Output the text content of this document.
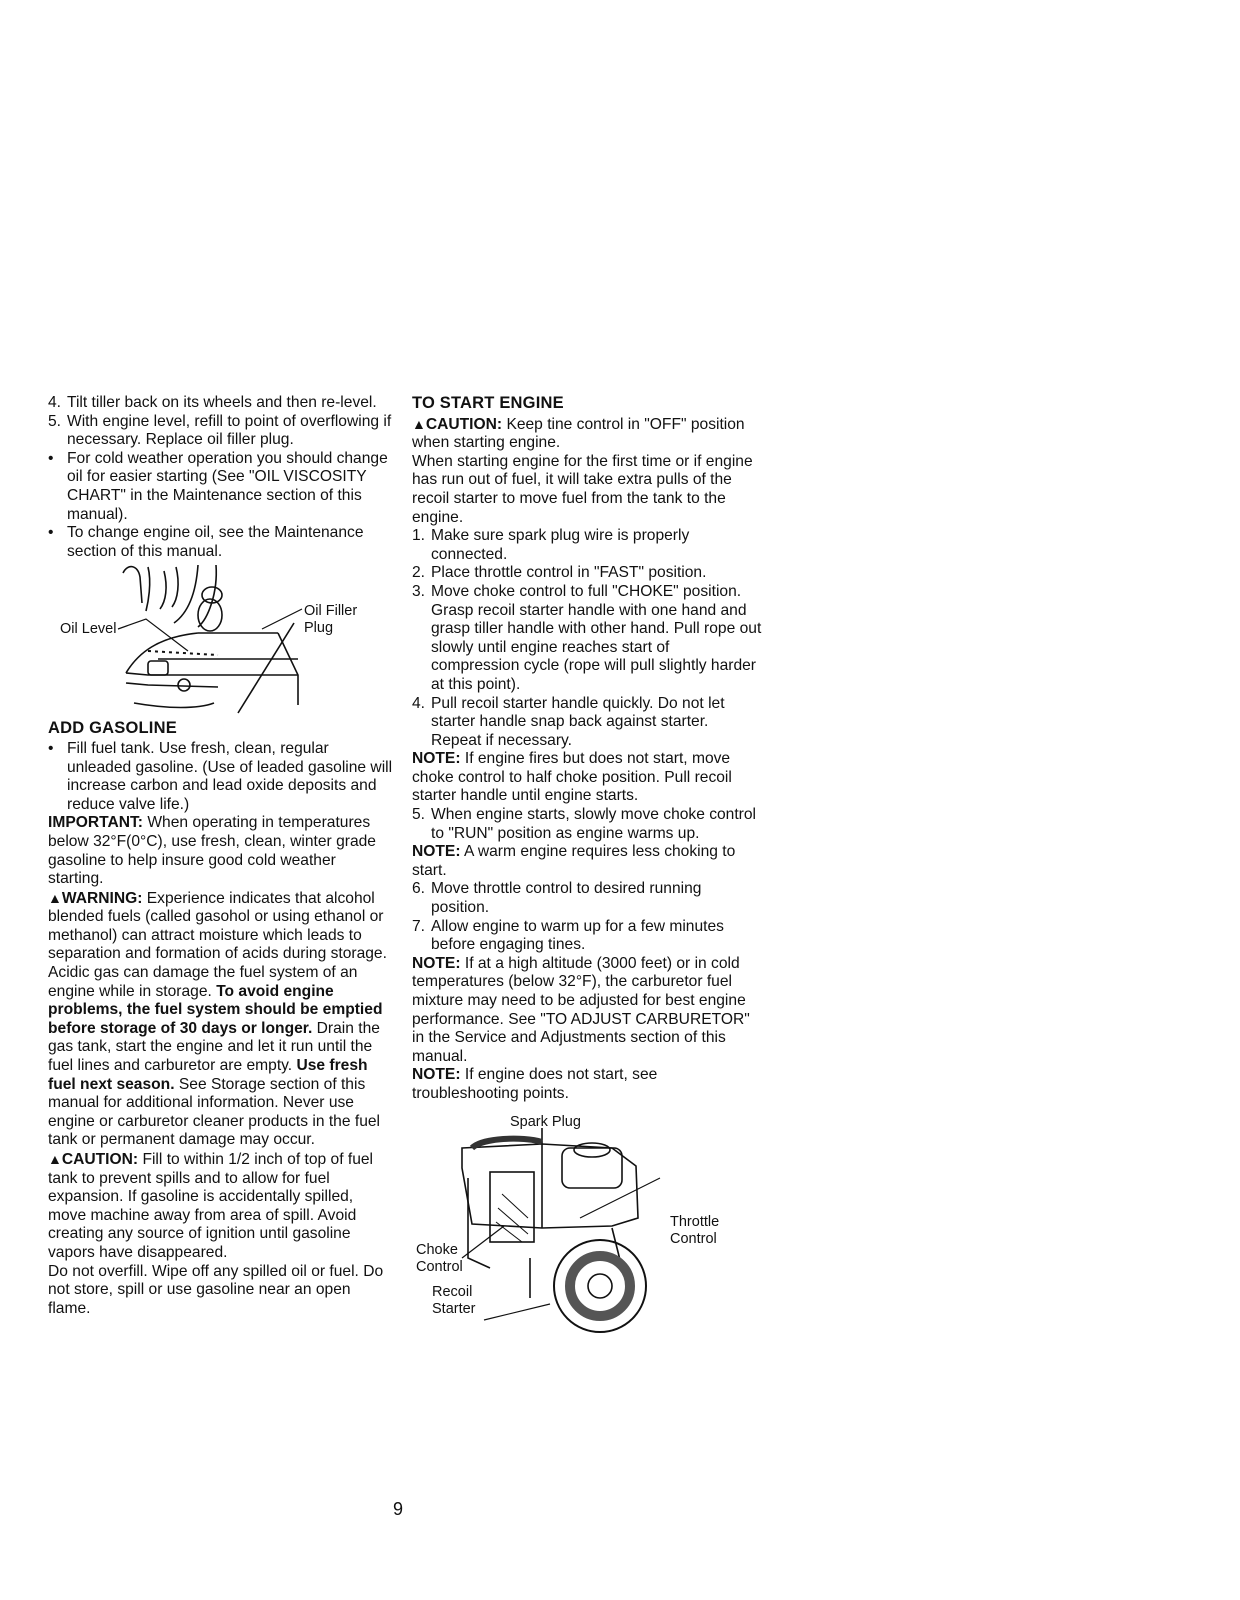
4. Tilt tiller back on its wheels and then re-level.
5. With engine level, refill to point of overflowing if necessary. Replace oil filler plug.
• For cold weather operation you should change oil for easier starting (See "OIL VISCOSITY CHART" in the Maintenance section of this manual).
• To change engine oil, see the Maintenance section of this manual.
Oil Level
Oil Filler
Plug

ADD GASOLINE

• Fill fuel tank. Use fresh, clean, regular unleaded gasoline. (Use of leaded gasoline will increase carbon and lead oxide deposits and reduce valve life.)

IMPORTANT: When operating in temperatures below 32°F(0°C), use fresh, clean, winter grade gasoline to help insure good cold weather starting.

▲WARNING: Experience indicates that alcohol blended fuels (called gasohol or using ethanol or methanol) can attract moisture which leads to separation and formation of acids during storage. Acidic gas can damage the fuel system of an engine while in storage. To avoid engine problems, the fuel system should be emptied before storage of 30 days or longer. Drain the gas tank, start the engine and let it run until the fuel lines and carburetor are empty. Use fresh fuel next season. See Storage section of this manual for additional information. Never use engine or carburetor cleaner products in the fuel tank or permanent damage may occur.

▲CAUTION: Fill to within 1/2 inch of top of fuel tank to prevent spills and to allow for fuel expansion. If gasoline is accidentally spilled, move machine away from area of spill. Avoid creating any source of ignition until gasoline vapors have disappeared.

Do not overfill. Wipe off any spilled oil or fuel. Do not store, spill or use gasoline near an open flame.

TO START ENGINE

▲CAUTION: Keep tine control in "OFF" position when starting engine.

When starting engine for the first time or if engine has run out of fuel, it will take extra pulls of the recoil starter to move fuel from the tank to the engine.

1. Make sure spark plug wire is properly connected.
2. Place throttle control in "FAST" position.
3. Move choke control to full "CHOKE" position. Grasp recoil starter handle with one hand and grasp tiller handle with other hand. Pull rope out slowly until engine reaches start of compression cycle (rope will pull slightly harder at this point).
4. Pull recoil starter handle quickly. Do not let starter handle snap back against starter. Repeat if necessary.

NOTE: If engine fires but does not start, move choke control to half choke position. Pull recoil starter handle until engine starts.

5. When engine starts, slowly move choke control to "RUN" position as engine warms up.

NOTE: A warm engine requires less choking to start.

6. Move throttle control to desired running position.
7. Allow engine to warm up for a few minutes before engaging tines.

NOTE: If at a high altitude (3000 feet) or in cold temperatures (below 32°F), the carburetor fuel mixture may need to be adjusted for best engine performance. See "TO ADJUST CARBURETOR" in the Service and Adjustments section of this manual.

NOTE: If engine does not start, see troubleshooting points.

Spark Plug
Throttle
Control
Choke
Control
Recoil
Starter
9
